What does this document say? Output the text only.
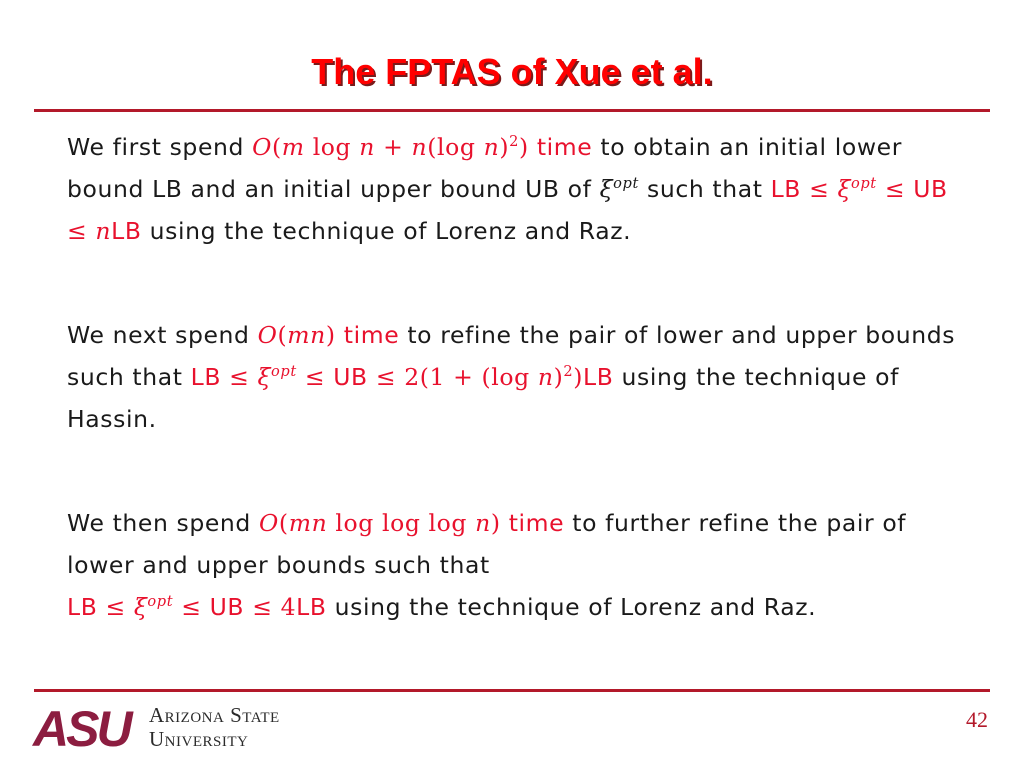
The FPTAS of Xue et al.

We first spend O(m log n + n(log n)$^2$) time to obtain an initial lower bound LB and an initial upper bound UB of $\xi^{opt}$ such that LB ≤ $\xi^{opt}$ ≤ UB ≤ nLB using the technique of Lorenz and Raz.

We next spend O(mn) time to refine the pair of lower and upper bounds such that LB ≤ $\xi^{opt}$ ≤ UB ≤ 2(1 + (log n)$^2$)LB using the technique of Hassin.

We then spend O(mn log log log n) time to further refine the pair of lower and upper bounds such that
LB ≤ $\xi^{opt}$ ≤ UB ≤ 4LB using the technique of Lorenz and Raz.

ASU Arizona State
University
42
